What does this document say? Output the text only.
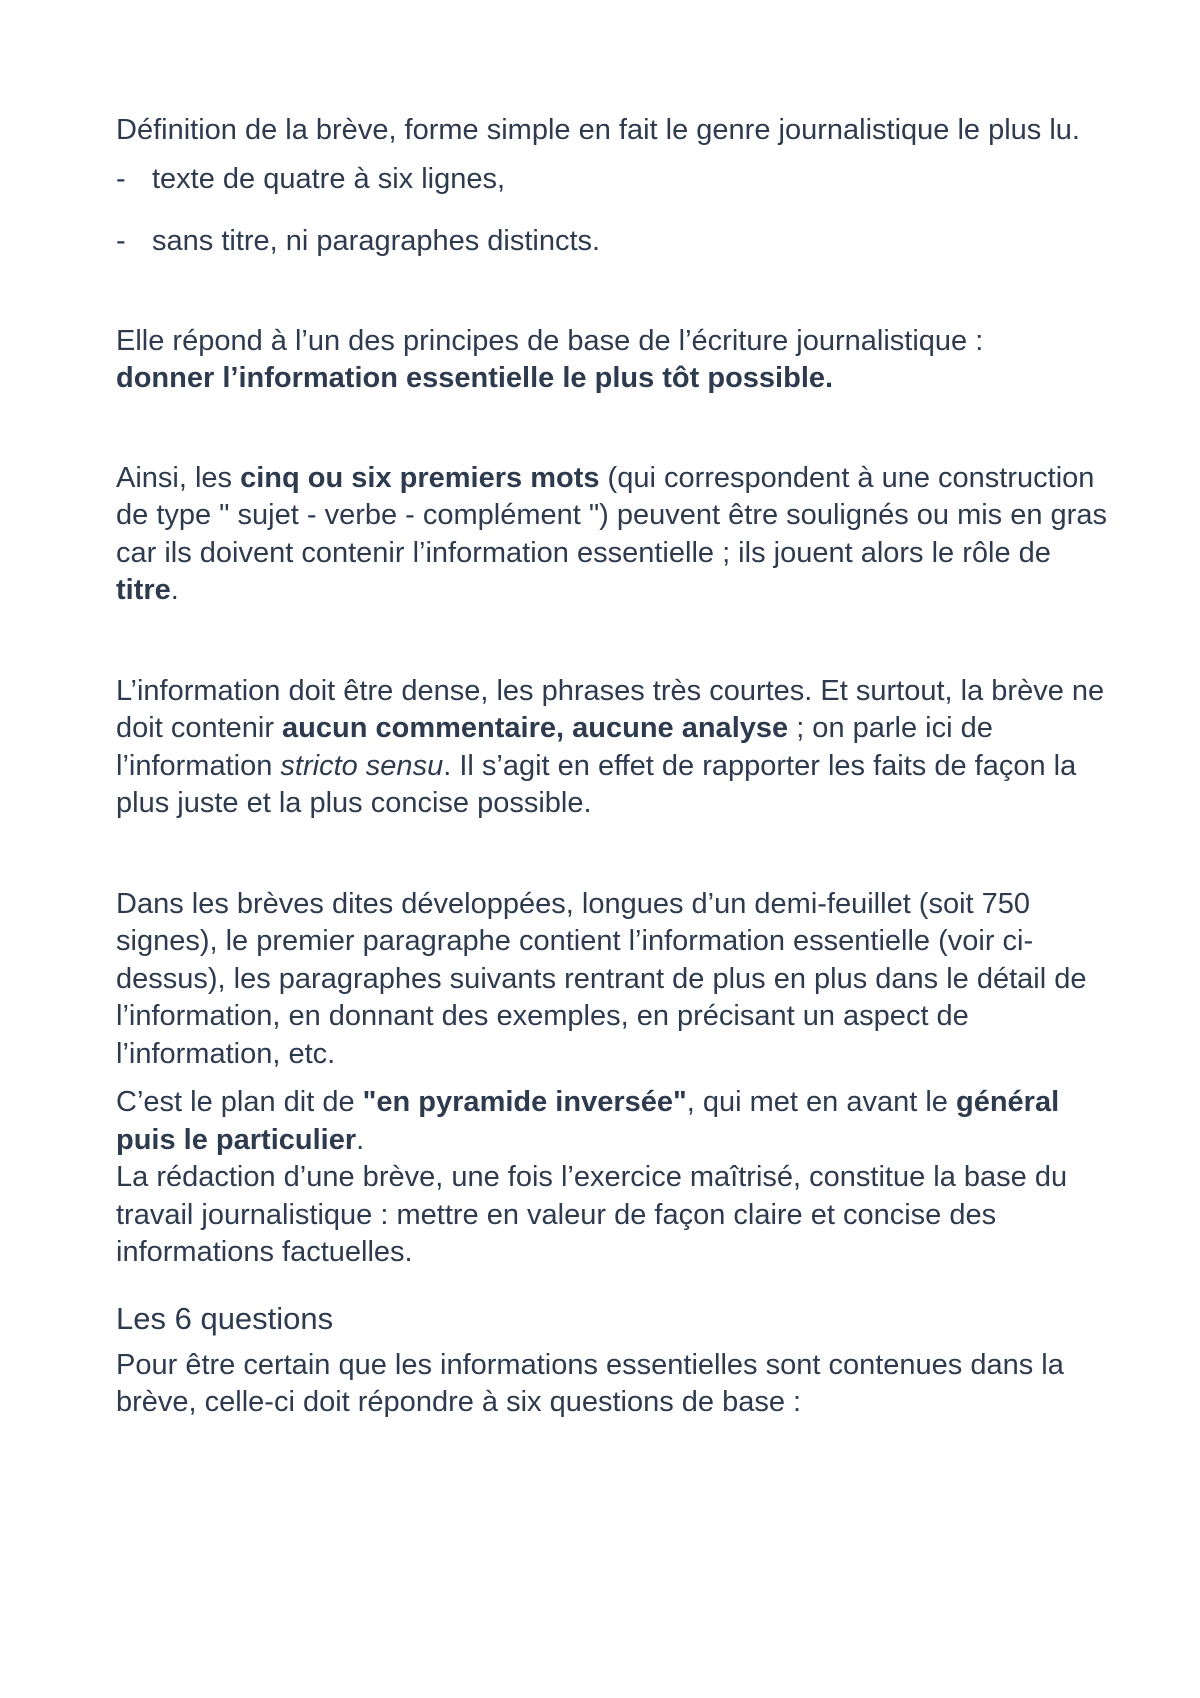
Définition de la brève, forme simple en fait le genre journalistique le plus lu.

- texte de quatre à six lignes,
- sans titre, ni paragraphes distincts.

Elle répond à l’un des principes de base de l’écriture journalistique :
donner l’information essentielle le plus tôt possible.

Ainsi, les cinq ou six premiers mots (qui correspondent à une construction de type " sujet - verbe - complément ") peuvent être soulignés ou mis en gras car ils doivent contenir l’information essentielle ; ils jouent alors le rôle de titre.

L’information doit être dense, les phrases très courtes. Et surtout, la brève ne doit contenir aucun commentaire, aucune analyse ; on parle ici de l’information stricto sensu. Il s’agit en effet de rapporter les faits de façon la plus juste et la plus concise possible.

Dans les brèves dites développées, longues d’un demi-feuillet (soit 750 signes), le premier paragraphe contient l’information essentielle (voir ci-dessus), les paragraphes suivants rentrant de plus en plus dans le détail de l’information, en donnant des exemples, en précisant un aspect de l’information, etc.

C’est le plan dit de "en pyramide inversée", qui met en avant le général puis le particulier.
La rédaction d’une brève, une fois l’exercice maîtrisé, constitue la base du travail journalistique : mettre en valeur de façon claire et concise des informations factuelles.

Les 6 questions

Pour être certain que les informations essentielles sont contenues dans la brève, celle-ci doit répondre à six questions de base :
